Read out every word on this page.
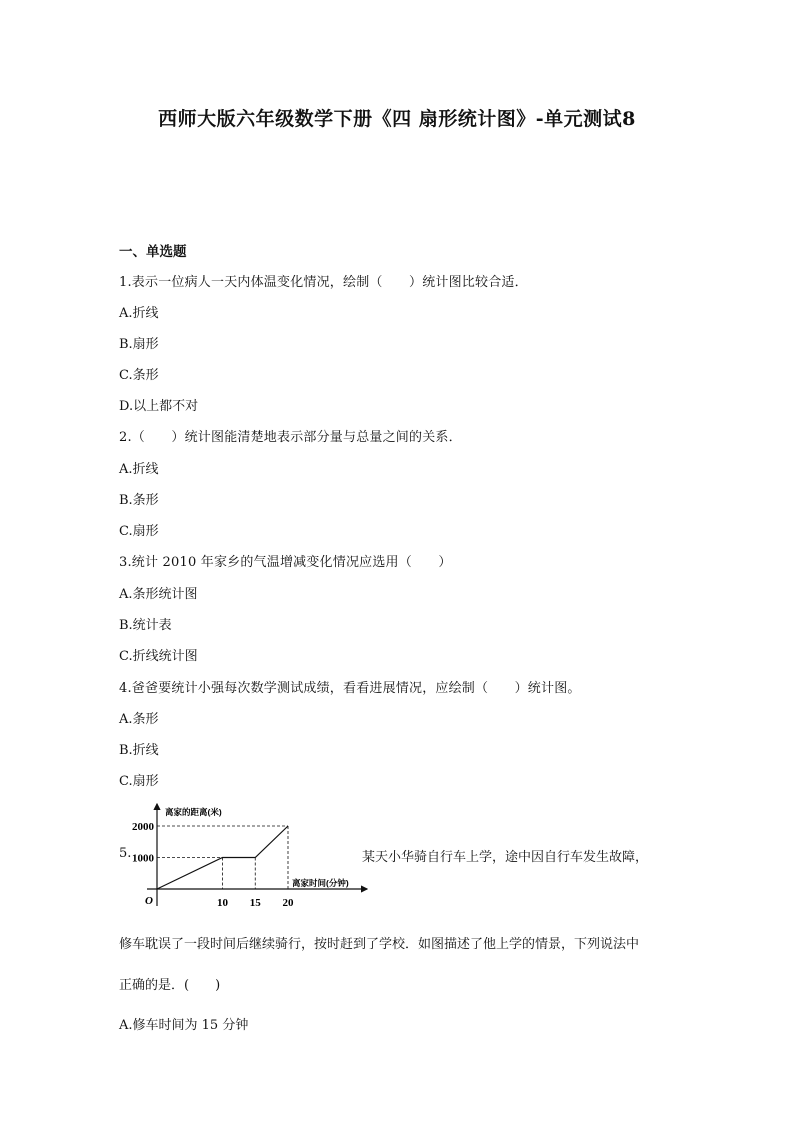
西师大版六年级数学下册《四 扇形统计图》-单元测试8
一、单选题
1.表示一位病人一天内体温变化情况，绘制（　　）统计图比较合适．
A.折线
B.扇形
C.条形
D.以上都不对
2.（　　）统计图能清楚地表示部分量与总量之间的关系．
A.折线
B.条形
C.扇形
3.统计 2010 年家乡的气温增减变化情况应选用（　　）
A.条形统计图
B.统计表
C.折线统计图
4.爸爸要统计小强每次数学测试成绩，看看进展情况，应绘制（　　）统计图。
A.条形
B.折线
C.扇形
5.
离家的距离(米)
离家时间(分钟)
O	10 15 20
1000
2000
某天小华骑自行车上学，途中因自行车发生故障，
修车耽误了一段时间后继续骑行，按时赶到了学校．如图描述了他上学的情景，下列说法中
正确的是．(　　)
A.修车时间为 15 分钟
